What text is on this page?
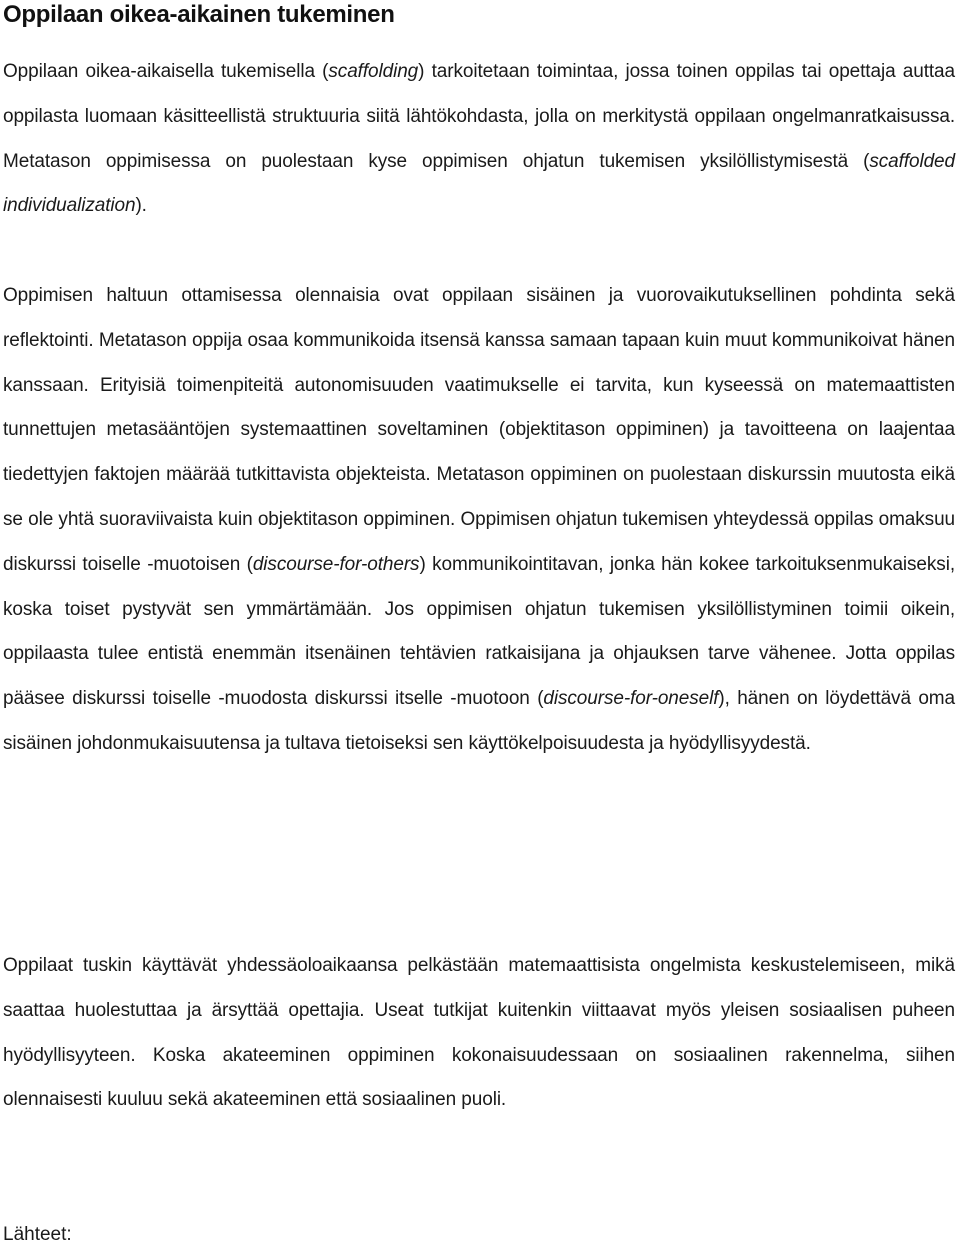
Oppilaan oikea-aikainen tukeminen

Oppilaan oikea-aikaisella tukemisella (scaffolding) tarkoitetaan toimintaa, jossa toinen oppilas tai opettaja auttaa oppilasta luomaan käsitteellistä struktuuria siitä lähtökohdasta, jolla on merkitystä oppilaan ongelmanratkaisussa. Metatason oppimisessa on puolestaan kyse oppimisen ohjatun tukemisen yksilöllistymisestä (scaffolded individualization).

Oppimisen haltuun ottamisessa olennaisia ovat oppilaan sisäinen ja vuorovaikutuksellinen pohdinta sekä reflektointi. Metatason oppija osaa kommunikoida itsensä kanssa samaan tapaan kuin muut kommunikoivat hänen kanssaan. Erityisiä toimenpiteitä autonomisuuden vaatimukselle ei tarvita, kun kyseessä on matemaattisten tunnettujen metasääntöjen systemaattinen soveltaminen (objektitason oppiminen) ja tavoitteena on laajentaa tiedettyjen faktojen määrää tutkittavista objekteista. Metatason oppiminen on puolestaan diskurssin muutosta eikä se ole yhtä suoraviivaista kuin objektitason oppiminen. Oppimisen ohjatun tukemisen yhteydessä oppilas omaksuu diskurssi toiselle -muotoisen (discourse-for-others) kommunikointitavan, jonka hän kokee tarkoituksenmukaiseksi, koska toiset pystyvät sen ymmärtämään. Jos oppimisen ohjatun tukemisen yksilöllistyminen toimii oikein, oppilaasta tulee entistä enemmän itsenäinen tehtävien ratkaisijana ja ohjauksen tarve vähenee. Jotta oppilas pääsee diskurssi toiselle -muodosta diskurssi itselle -muotoon (discourse-for-oneself), hänen on löydettävä oma sisäinen johdonmukaisuutensa ja tultava tietoiseksi sen käyttökelpoisuudesta ja hyödyllisyydestä.

Oppilaat tuskin käyttävät yhdessäoloaikaansa pelkästään matemaattisista ongelmista keskustelemiseen, mikä saattaa huolestuttaa ja ärsyttää opettajia. Useat tutkijat kuitenkin viittaavat myös yleisen sosiaalisen puheen hyödyllisyyteen. Koska akateeminen oppiminen kokonaisuudessaan on sosiaalinen rakennelma, siihen olennaisesti kuuluu sekä akateeminen että sosiaalinen puoli.

Lähteet:
